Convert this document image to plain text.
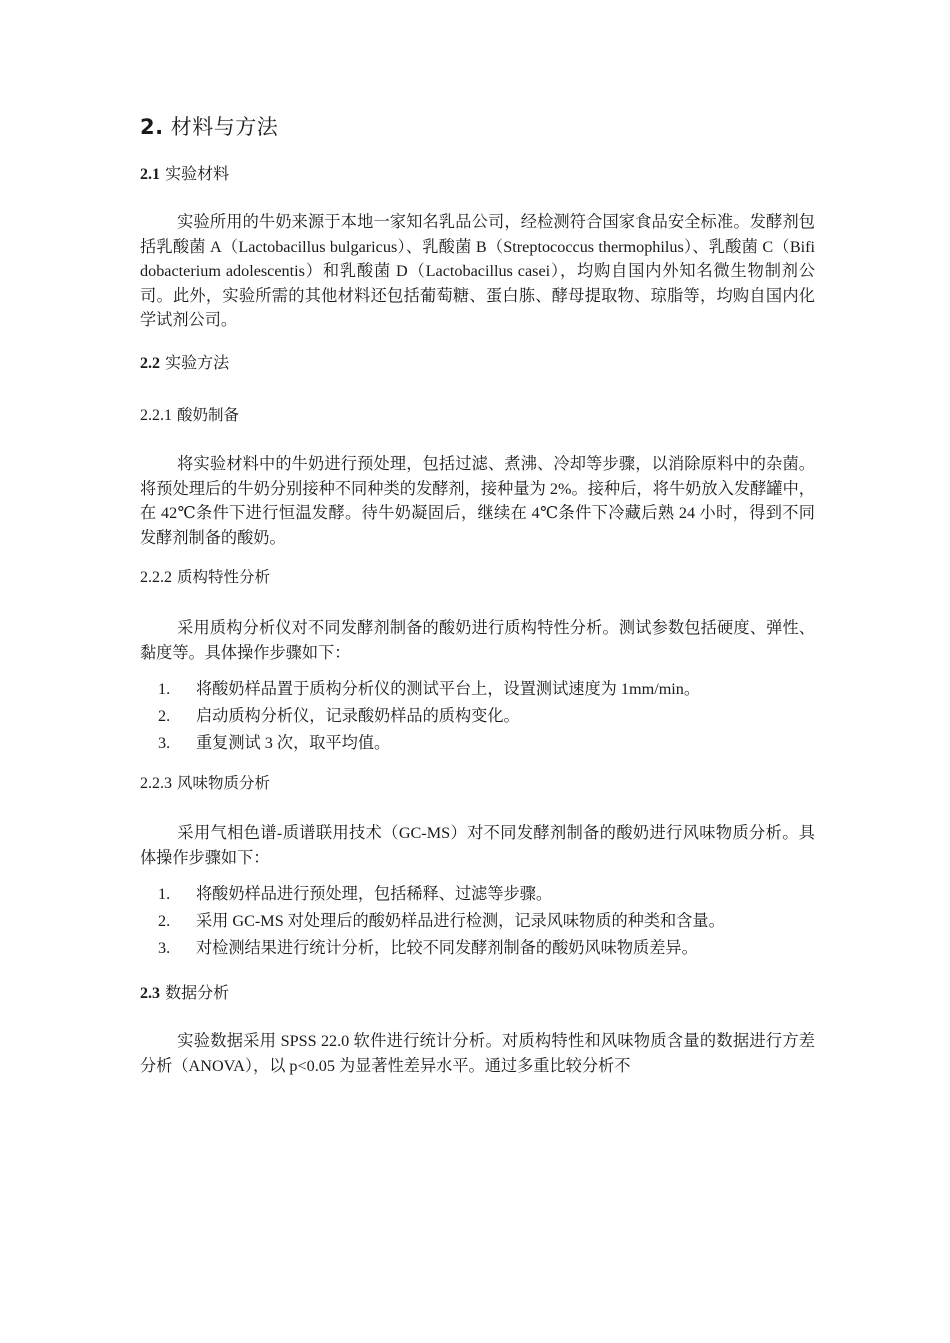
2. 材料与方法
2.1 实验材料

实验所用的牛奶来源于本地一家知名乳品公司，经检测符合国家食品安全标准。发酵剂包括乳酸菌 A（Lactobacillus bulgaricus）、乳酸菌 B（Streptococcus thermophilus）、乳酸菌 C（Bifidobacterium adolescentis）和乳酸菌 D（Lactobacillus casei），均购自国内外知名微生物制剂公司。此外，实验所需的其他材料还包括葡萄糖、蛋白胨、酵母提取物、琼脂等，均购自国内化学试剂公司。

2.2 实验方法
2.2.1 酸奶制备

将实验材料中的牛奶进行预处理，包括过滤、煮沸、冷却等步骤，以消除原料中的杂菌。将预处理后的牛奶分别接种不同种类的发酵剂，接种量为 2%。接种后，将牛奶放入发酵罐中，在 42℃条件下进行恒温发酵。待牛奶凝固后，继续在 4℃条件下冷藏后熟 24 小时，得到不同发酵剂制备的酸奶。

2.2.2 质构特性分析

采用质构分析仪对不同发酵剂制备的酸奶进行质构特性分析。测试参数包括硬度、弹性、黏度等。具体操作步骤如下：

1. 将酸奶样品置于质构分析仪的测试平台上，设置测试速度为 1mm/min。
2. 启动质构分析仪，记录酸奶样品的质构变化。
3. 重复测试 3 次，取平均值。
2.2.3 风味物质分析

采用气相色谱-质谱联用技术（GC-MS）对不同发酵剂制备的酸奶进行风味物质分析。具体操作步骤如下：

1. 将酸奶样品进行预处理，包括稀释、过滤等步骤。
2. 采用 GC-MS 对处理后的酸奶样品进行检测，记录风味物质的种类和含量。
3. 对检测结果进行统计分析，比较不同发酵剂制备的酸奶风味物质差异。
2.3 数据分析

实验数据采用 SPSS 22.0 软件进行统计分析。对质构特性和风味物质含量的数据进行方差分析（ANOVA），以 p<0.05 为显著性差异水平。通过多重比较分析不
